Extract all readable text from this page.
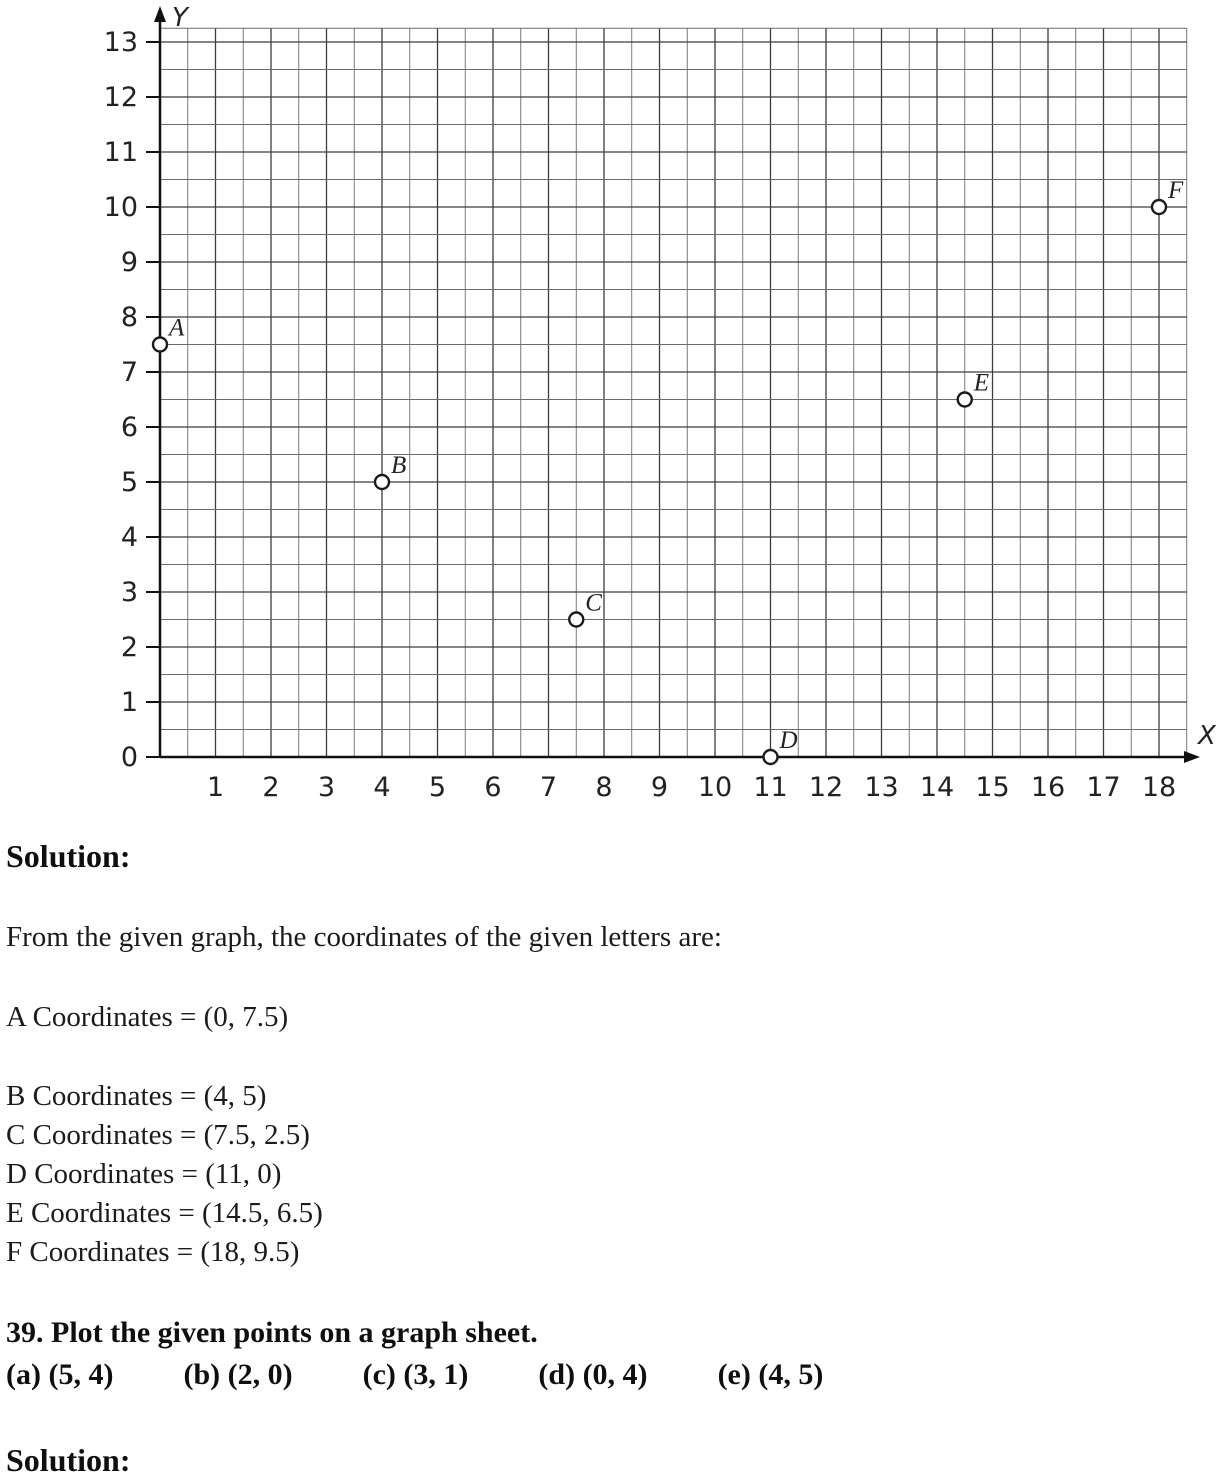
Y
X
0
1
2
3
4
5
6
7
8
9
10
11
12
13
1 2 3 4 5 6 7 8 9 10 11 12 13 14 15 16 17 18
A
B
C
D
E
F
Solution:

From the given graph, the coordinates of the given letters are:

A Coordinates = (0, 7.5)

B Coordinates = (4, 5)

C Coordinates = (7.5, 2.5)

D Coordinates = (11, 0)

E Coordinates = (14.5, 6.5)

F Coordinates = (18, 9.5)

39. Plot the given points on a graph sheet.
(a) (5, 4) (b) (2, 0) (c) (3, 1) (d) (0, 4) (e) (4, 5)
Solution:
